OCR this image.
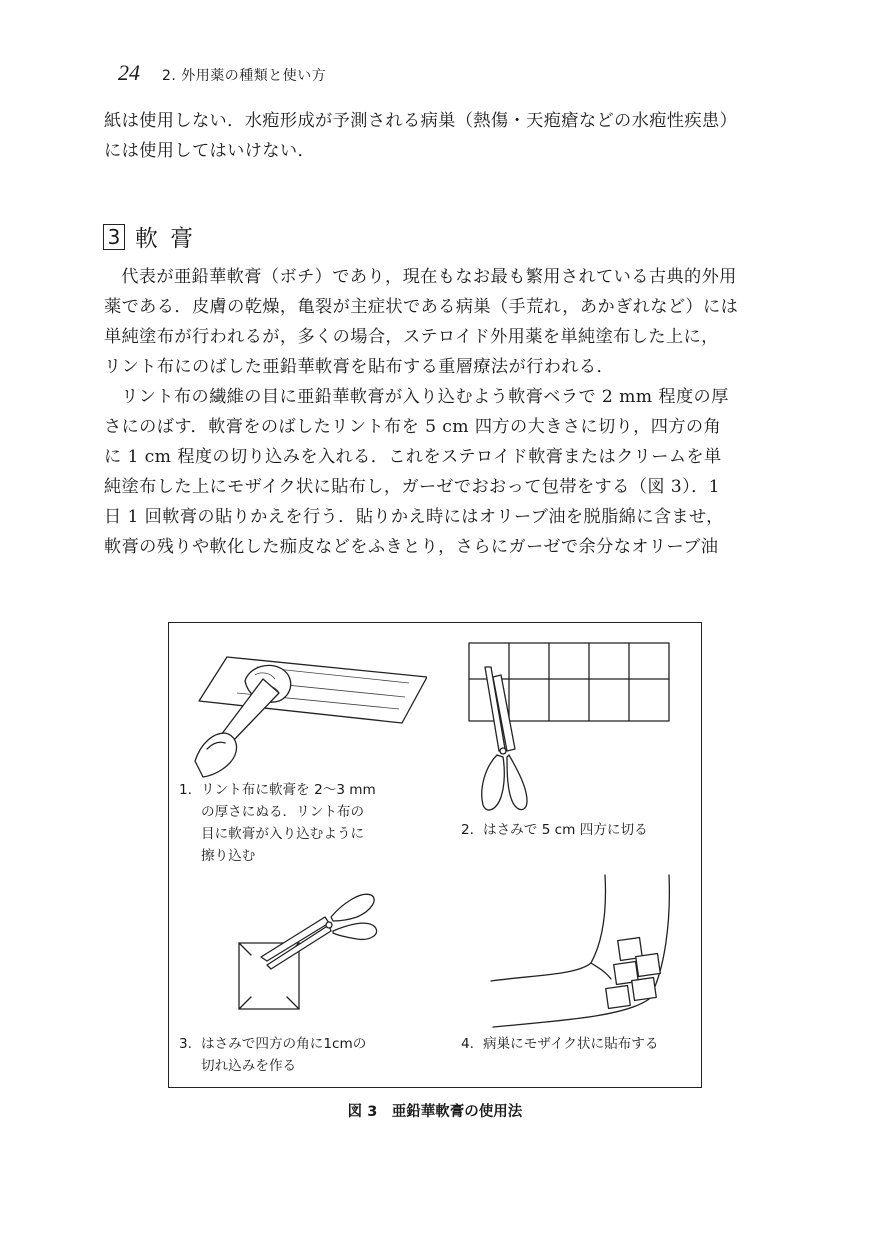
24 2. 外用薬の種類と使い方

紙は使用しない．水疱形成が予測される病巣（熱傷・天疱瘡などの水疱性疾患）

には使用してはいけない．

3 軟膏

代表が亜鉛華軟膏（ボチ）であり，現在もなお最も繁用されている古典的外用

薬である．皮膚の乾燥，亀裂が主症状である病巣（手荒れ，あかぎれなど）には

単純塗布が行われるが，多くの場合，ステロイド外用薬を単純塗布した上に，

リント布にのばした亜鉛華軟膏を貼布する重層療法が行われる．

リント布の繊維の目に亜鉛華軟膏が入り込むよう軟膏ベラで 2 mm 程度の厚

さにのばす．軟膏をのばしたリント布を 5 cm 四方の大きさに切り，四方の角

に 1 cm 程度の切り込みを入れる．これをステロイド軟膏またはクリームを単

純塗布した上にモザイク状に貼布し，ガーゼでおおって包帯をする（図 3）．1

日 1 回軟膏の貼りかえを行う．貼りかえ時にはオリーブ油を脱脂綿に含ませ，

軟膏の残りや軟化した痂皮などをふきとり，さらにガーゼで余分なオリーブ油

1. リント布に軟膏を 2〜3 mm
の厚さにぬる．リント布の
目に軟膏が入り込むように
擦り込む
2. はさみで 5 cm 四方に切る
3. はさみで四方の角に1cmの
切れ込みを作る
4. 病巣にモザイク状に貼布する
図 3　亜鉛華軟膏の使用法
